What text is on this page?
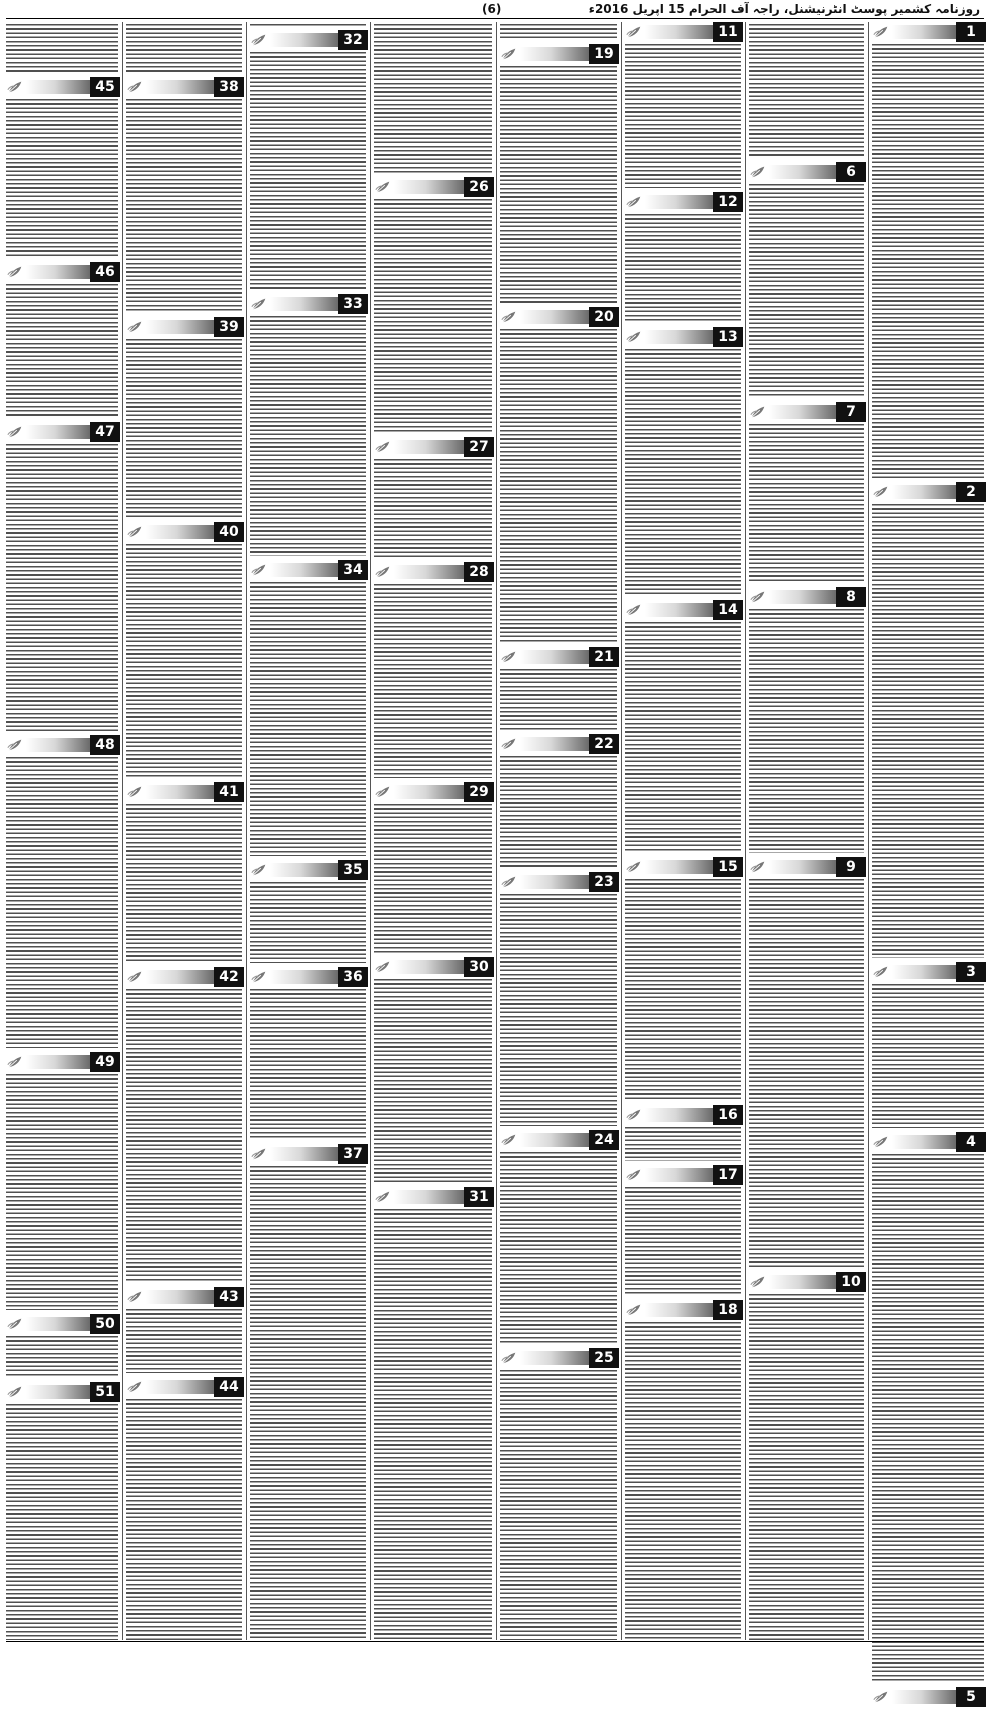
روزنامہ کشمیر پوسٹ انٹرنیشنل، راجہ آف الحرام 15 اپریل 2016ء
(6)
1
2
3
4
5
6
7
8
9
10
11
12
13
14
15
16
17
18
19
20
21
22
23
24
25
26
27
28
29
30
31
32
33
34
35
36
37
38
39
40
41
42
43
44
45
46
47
48
49
50
51
